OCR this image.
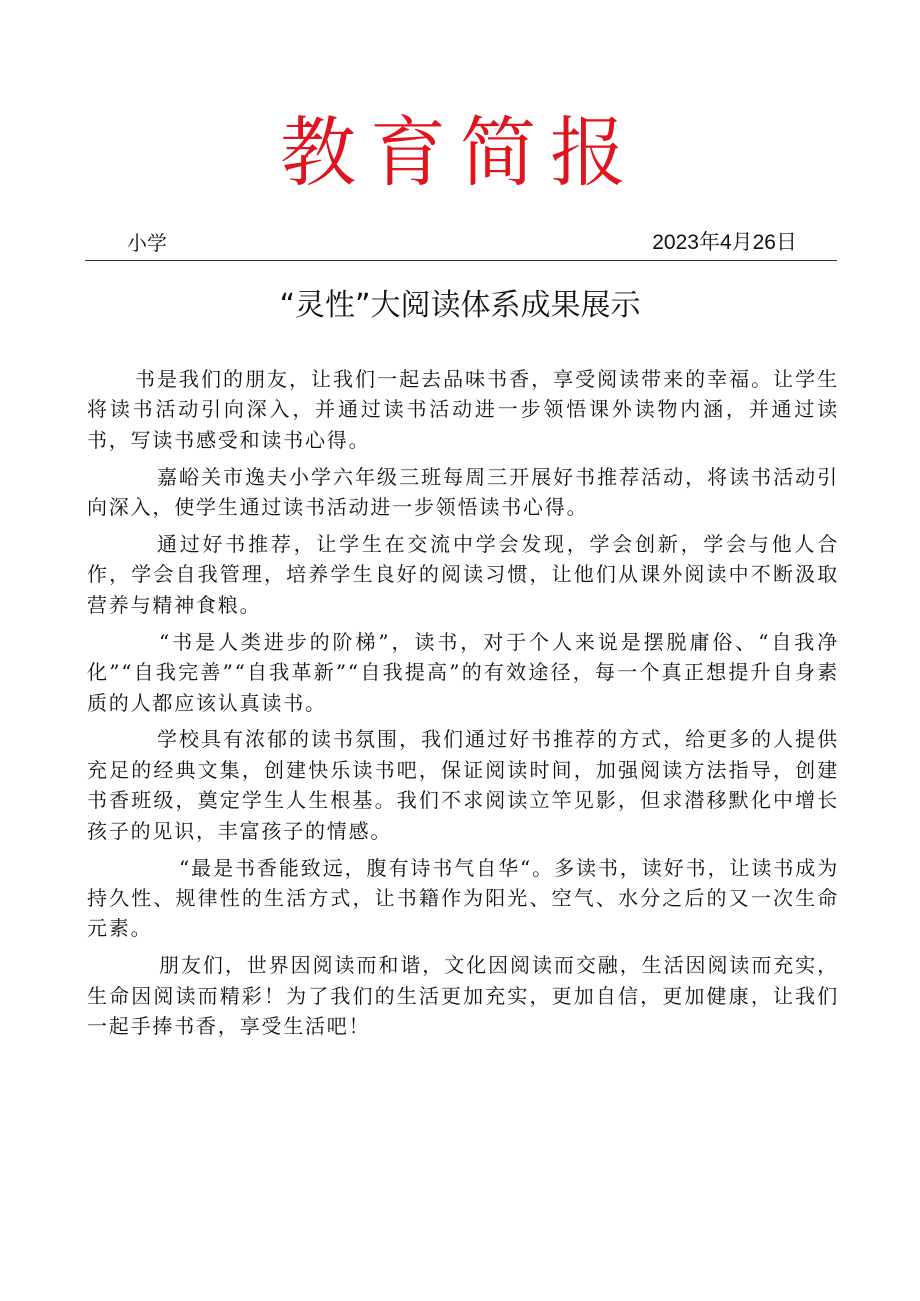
教育简报
小学	2023年4月26日
“灵性”大阅读体系成果展示

书是我们的朋友，让我们一起去品味书香，享受阅读带来的幸福。让学生将读书活动引向深入，并通过读书活动进一步领悟课外读物内涵，并通过读书，写读书感受和读书心得。

嘉峪关市逸夫小学六年级三班每周三开展好书推荐活动，将读书活动引向深入，使学生通过读书活动进一步领悟读书心得。

通过好书推荐，让学生在交流中学会发现，学会创新，学会与他人合作，学会自我管理，培养学生良好的阅读习惯，让他们从课外阅读中不断汲取营养与精神食粮。

“书是人类进步的阶梯”，读书，对于个人来说是摆脱庸俗、“自我净化”“自我完善”“自我革新”“自我提高”的有效途径，每一个真正想提升自身素质的人都应该认真读书。

学校具有浓郁的读书氛围，我们通过好书推荐的方式，给更多的人提供充足的经典文集，创建快乐读书吧，保证阅读时间，加强阅读方法指导，创建书香班级，奠定学生人生根基。我们不求阅读立竿见影，但求潜移默化中增长孩子的见识，丰富孩子的情感。

“最是书香能致远，腹有诗书气自华“。多读书，读好书，让读书成为持久性、规律性的生活方式，让书籍作为阳光、空气、水分之后的又一次生命元素。

朋友们，世界因阅读而和谐，文化因阅读而交融，生活因阅读而充实，生命因阅读而精彩！为了我们的生活更加充实，更加自信，更加健康，让我们一起手捧书香，享受生活吧！
